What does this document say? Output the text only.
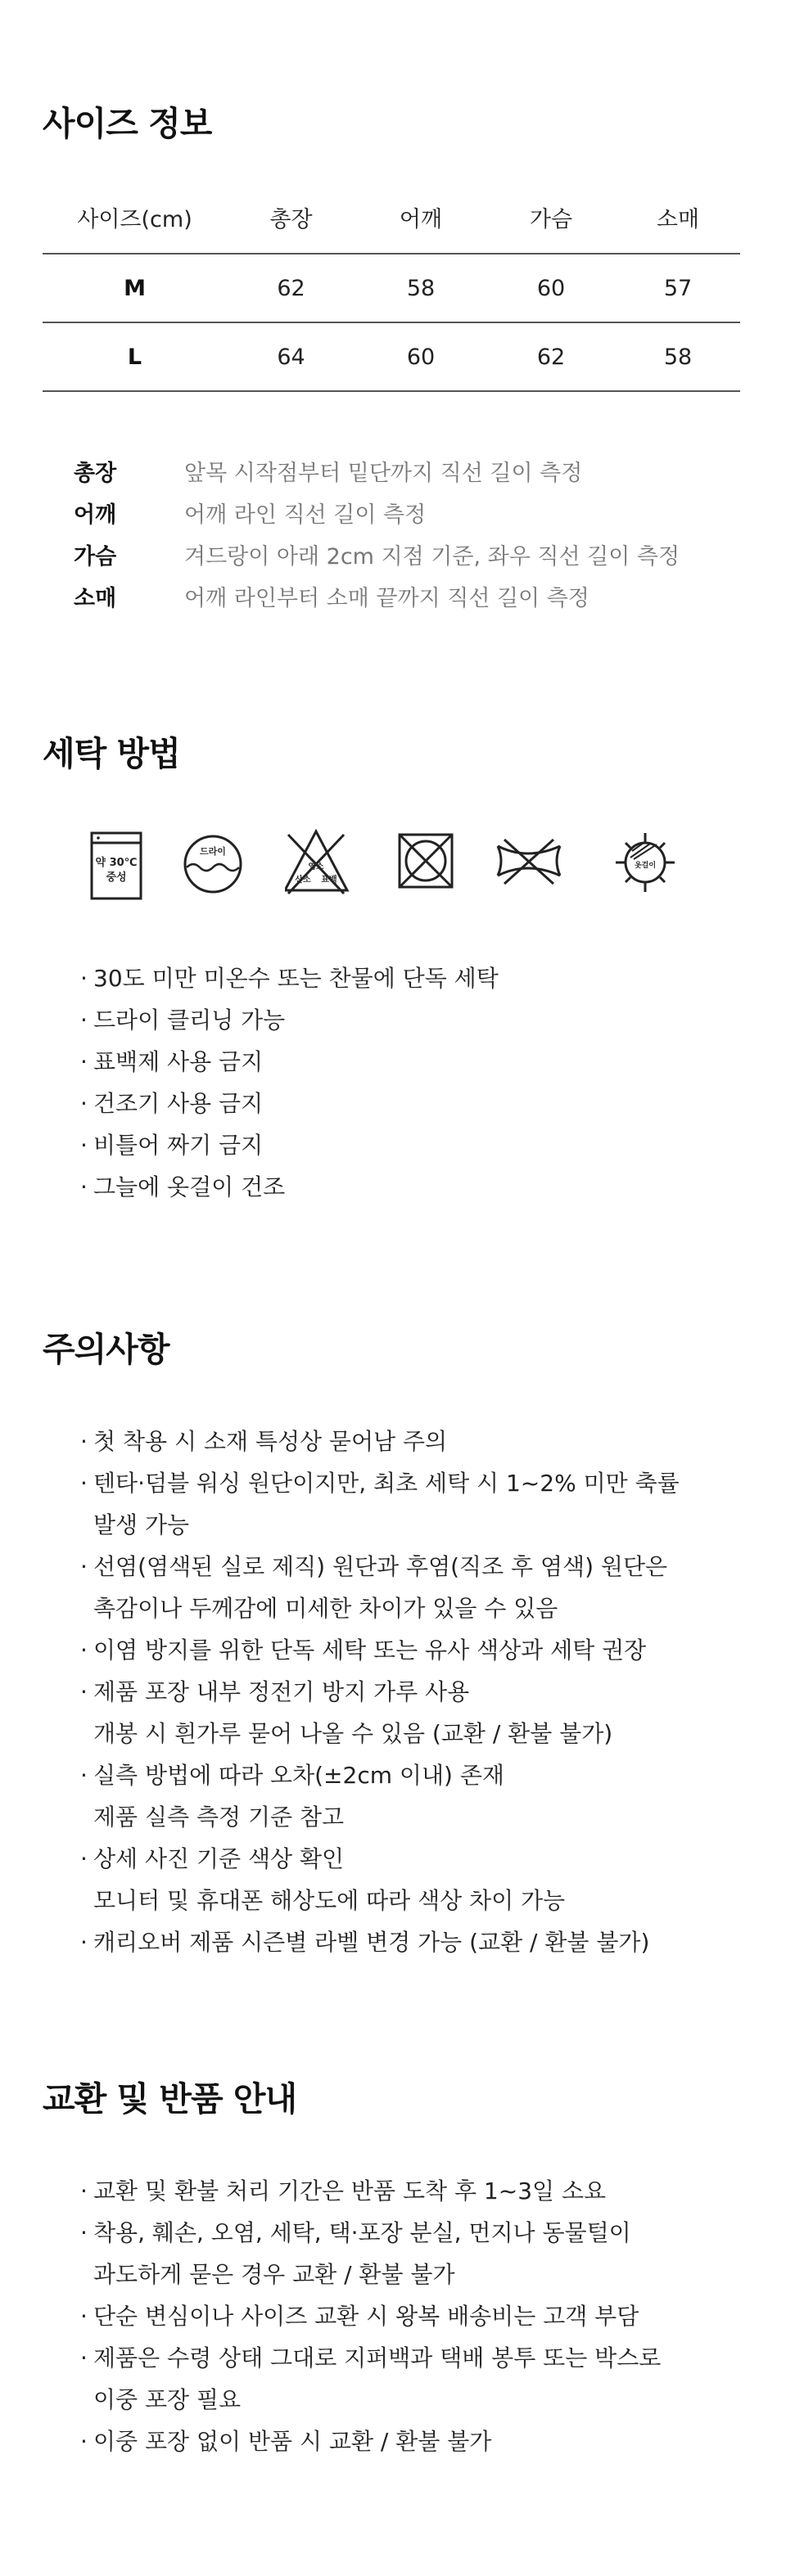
사이즈 정보
사이즈(cm)	총장	어깨	가슴	소매
M	62	58	60	57
L	64	60	62	58
총장	앞목 시작점부터 밑단까지 직선 길이 측정
어깨	어깨 라인 직선 길이 측정
가슴	겨드랑이 아래 2cm 지점 기준, 좌우 직선 길이 측정
소매	어깨 라인부터 소매 끝까지 직선 길이 측정
세탁 방법
약 30℃
중성
드라이
염소
산소 표백
옷걸이
· 30도 미만 미온수 또는 찬물에 단독 세탁
· 드라이 클리닝 가능
· 표백제 사용 금지
· 건조기 사용 금지
· 비틀어 짜기 금지
· 그늘에 옷걸이 건조
주의사항
· 첫 착용 시 소재 특성상 묻어남 주의
· 텐타·덤블 워싱 원단이지만, 최초 세탁 시 1~2% 미만 축률
발생 가능
· 선염(염색된 실로 제직) 원단과 후염(직조 후 염색) 원단은
촉감이나 두께감에 미세한 차이가 있을 수 있음
· 이염 방지를 위한 단독 세탁 또는 유사 색상과 세탁 권장
· 제품 포장 내부 정전기 방지 가루 사용
개봉 시 흰가루 묻어 나올 수 있음 (교환 / 환불 불가)
· 실측 방법에 따라 오차(±2cm 이내) 존재
제품 실측 측정 기준 참고
· 상세 사진 기준 색상 확인
모니터 및 휴대폰 해상도에 따라 색상 차이 가능
· 캐리오버 제품 시즌별 라벨 변경 가능 (교환 / 환불 불가)
교환 및 반품 안내
· 교환 및 환불 처리 기간은 반품 도착 후 1~3일 소요
· 착용, 훼손, 오염, 세탁, 택·포장 분실, 먼지나 동물털이
과도하게 묻은 경우 교환 / 환불 불가
· 단순 변심이나 사이즈 교환 시 왕복 배송비는 고객 부담
· 제품은 수령 상태 그대로 지퍼백과 택배 봉투 또는 박스로
이중 포장 필요
· 이중 포장 없이 반품 시 교환 / 환불 불가
